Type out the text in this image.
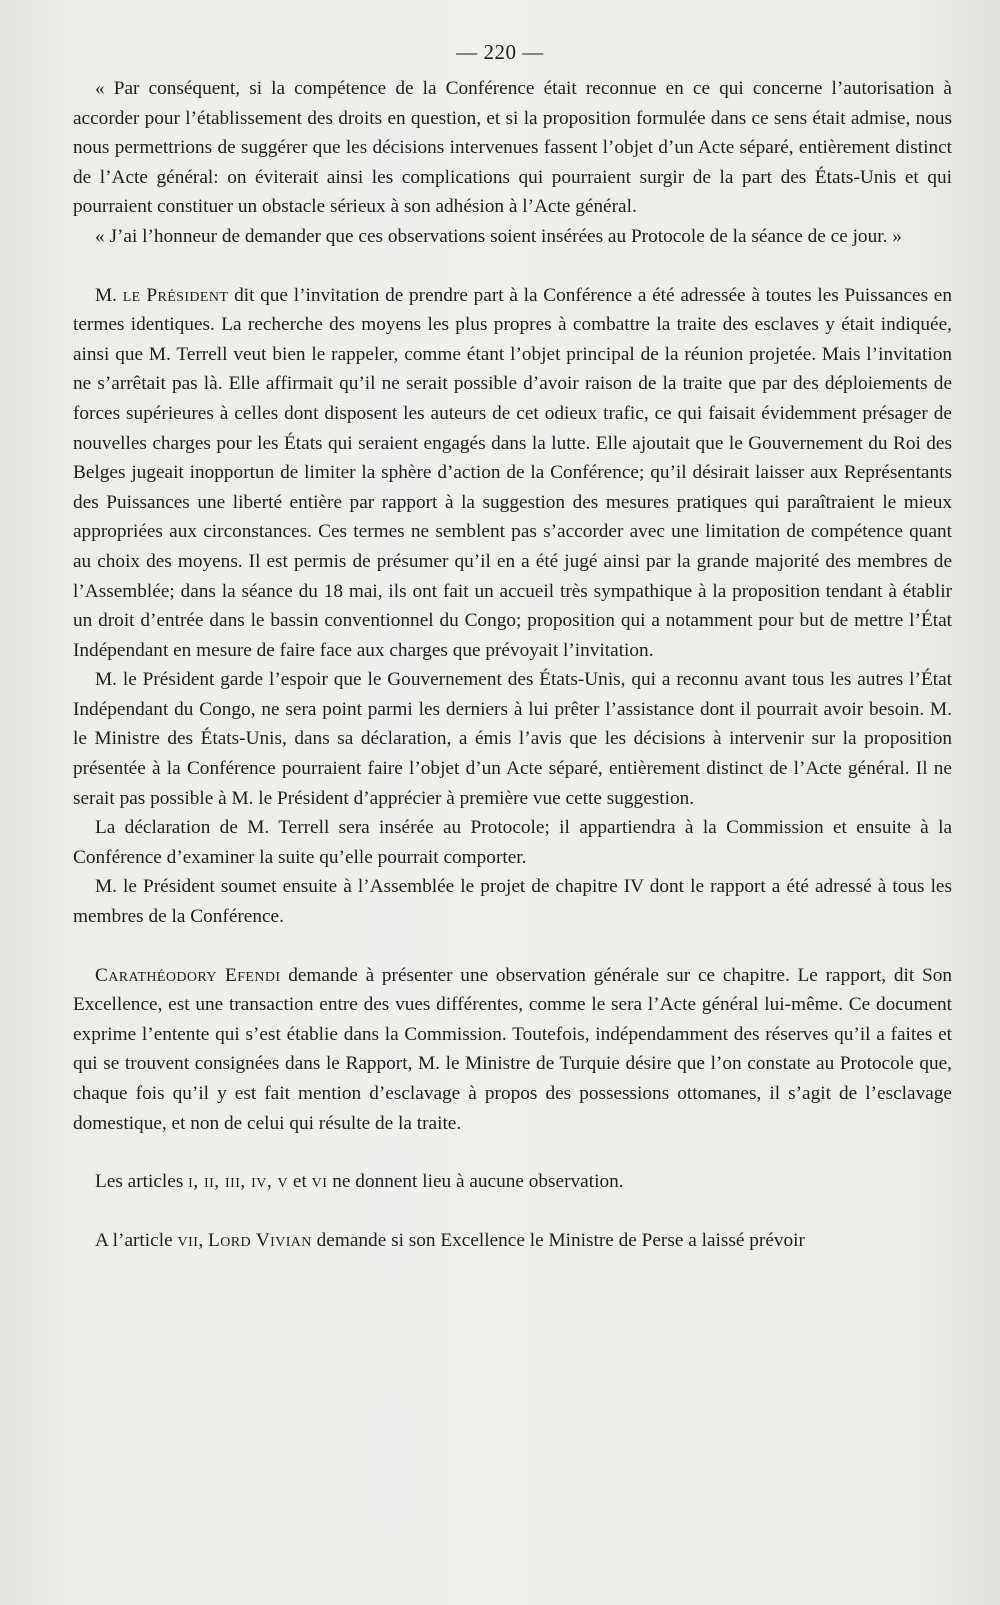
— 220 —

« Par conséquent, si la compétence de la Conférence était reconnue en ce qui concerne l’autorisation à accorder pour l’établissement des droits en question, et si la proposition formulée dans ce sens était admise, nous nous permettrions de suggérer que les décisions intervenues fassent l’objet d’un Acte séparé, entièrement distinct de l’Acte général: on éviterait ainsi les complications qui pourraient surgir de la part des États-Unis et qui pourraient constituer un obstacle sérieux à son adhésion à l’Acte général.

« J’ai l’honneur de demander que ces observations soient insérées au Protocole de la séance de ce jour. »

M. le Président dit que l’invitation de prendre part à la Conférence a été adressée à toutes les Puissances en termes identiques. La recherche des moyens les plus propres à combattre la traite des esclaves y était indiquée, ainsi que M. Terrell veut bien le rappeler, comme étant l’objet principal de la réunion projetée. Mais l’invitation ne s’arrêtait pas là. Elle affirmait qu’il ne serait possible d’avoir raison de la traite que par des déploiements de forces supérieures à celles dont disposent les auteurs de cet odieux trafic, ce qui faisait évidemment présager de nouvelles charges pour les États qui seraient engagés dans la lutte. Elle ajoutait que le Gouvernement du Roi des Belges jugeait inopportun de limiter la sphère d’action de la Conférence; qu’il désirait laisser aux Représentants des Puissances une liberté entière par rapport à la suggestion des mesures pratiques qui paraîtraient le mieux appropriées aux circonstances. Ces termes ne semblent pas s’accorder avec une limitation de compétence quant au choix des moyens. Il est permis de présumer qu’il en a été jugé ainsi par la grande majorité des membres de l’Assemblée; dans la séance du 18 mai, ils ont fait un accueil très sympathique à la proposition tendant à établir un droit d’entrée dans le bassin conventionnel du Congo; proposition qui a notamment pour but de mettre l’État Indépendant en mesure de faire face aux charges que prévoyait l’invitation.

M. le Président garde l’espoir que le Gouvernement des États-Unis, qui a reconnu avant tous les autres l’État Indépendant du Congo, ne sera point parmi les derniers à lui prêter l’assistance dont il pourrait avoir besoin. M. le Ministre des États-Unis, dans sa déclaration, a émis l’avis que les décisions à intervenir sur la proposition présentée à la Conférence pourraient faire l’objet d’un Acte séparé, entièrement distinct de l’Acte général. Il ne serait pas possible à M. le Président d’apprécier à première vue cette suggestion.

La déclaration de M. Terrell sera insérée au Protocole; il appartiendra à la Commission et ensuite à la Conférence d’examiner la suite qu’elle pourrait comporter.

M. le Président soumet ensuite à l’Assemblée le projet de chapitre IV dont le rapport a été adressé à tous les membres de la Conférence.

Carathéodory Efendi demande à présenter une observation générale sur ce chapitre. Le rapport, dit Son Excellence, est une transaction entre des vues différentes, comme le sera l’Acte général lui-même. Ce document exprime l’entente qui s’est établie dans la Commission. Toutefois, indépendamment des réserves qu’il a faites et qui se trouvent consignées dans le Rapport, M. le Ministre de Turquie désire que l’on constate au Protocole que, chaque fois qu’il y est fait mention d’esclavage à propos des possessions ottomanes, il s’agit de l’esclavage domestique, et non de celui qui résulte de la traite.

Les articles i, ii, iii, iv, v et vi ne donnent lieu à aucune observation.

A l’article vii, Lord Vivian demande si son Excellence le Ministre de Perse a laissé prévoir
